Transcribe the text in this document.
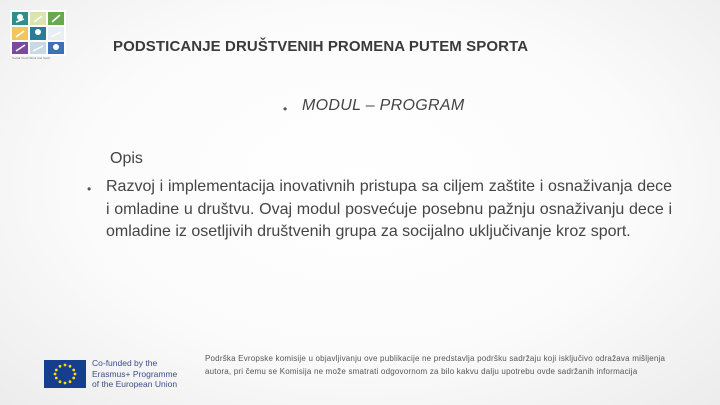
Social Youth Work and Sport
PODSTICANJE DRUŠTVENIH PROMENA PUTEM SPORTA
• MODUL – PROGRAM
Opis
• Razvoj i implementacija inovativnih pristupa sa ciljem zaštite i osnaživanja dece i omladine u društvu. Ovaj modul posvećuje posebnu pažnju osnaživanju dece i omladine iz osetljivih društvenih grupa za socijalno uključivanje kroz sport.
Co-funded by the
Erasmus+ Programme
of the European Union
Podrška Evropske komisije u objavljivanju ove publikacije ne predstavlja podršku sadržaju koji isključivo odražava mišljenja autora, pri čemu se Komisija ne može smatrati odgovornom za bilo kakvu dalju upotrebu ovde sadržanih informacija
